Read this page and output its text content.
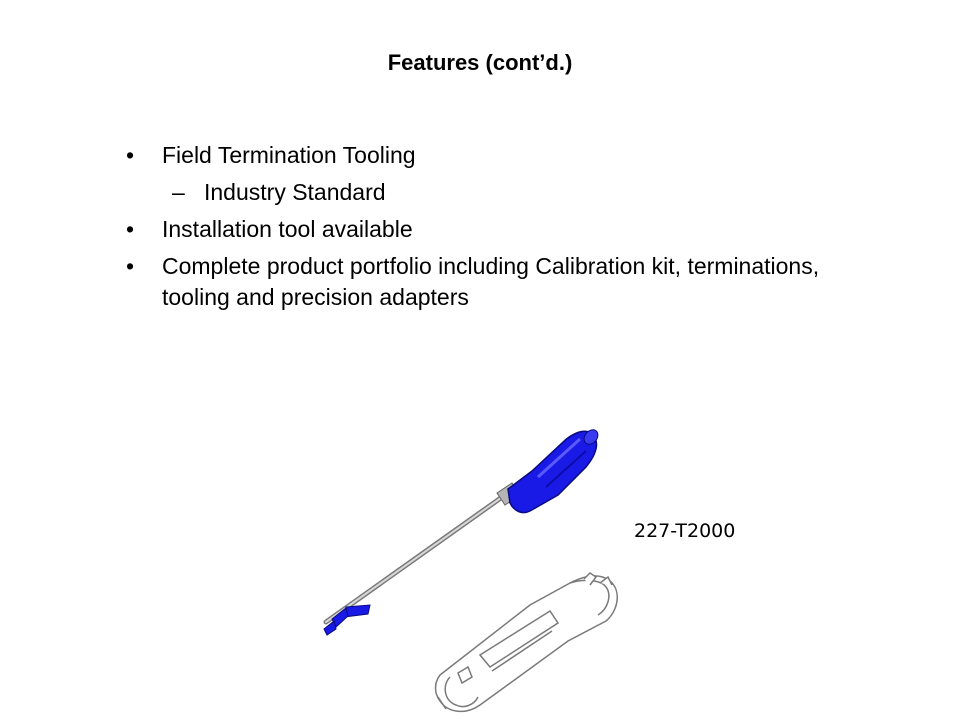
Features (cont’d.)
• Field Termination Tooling
– Industry Standard
• Installation tool available
• Complete product portfolio including Calibration kit, terminations, tooling and precision adapters
227-T2000
